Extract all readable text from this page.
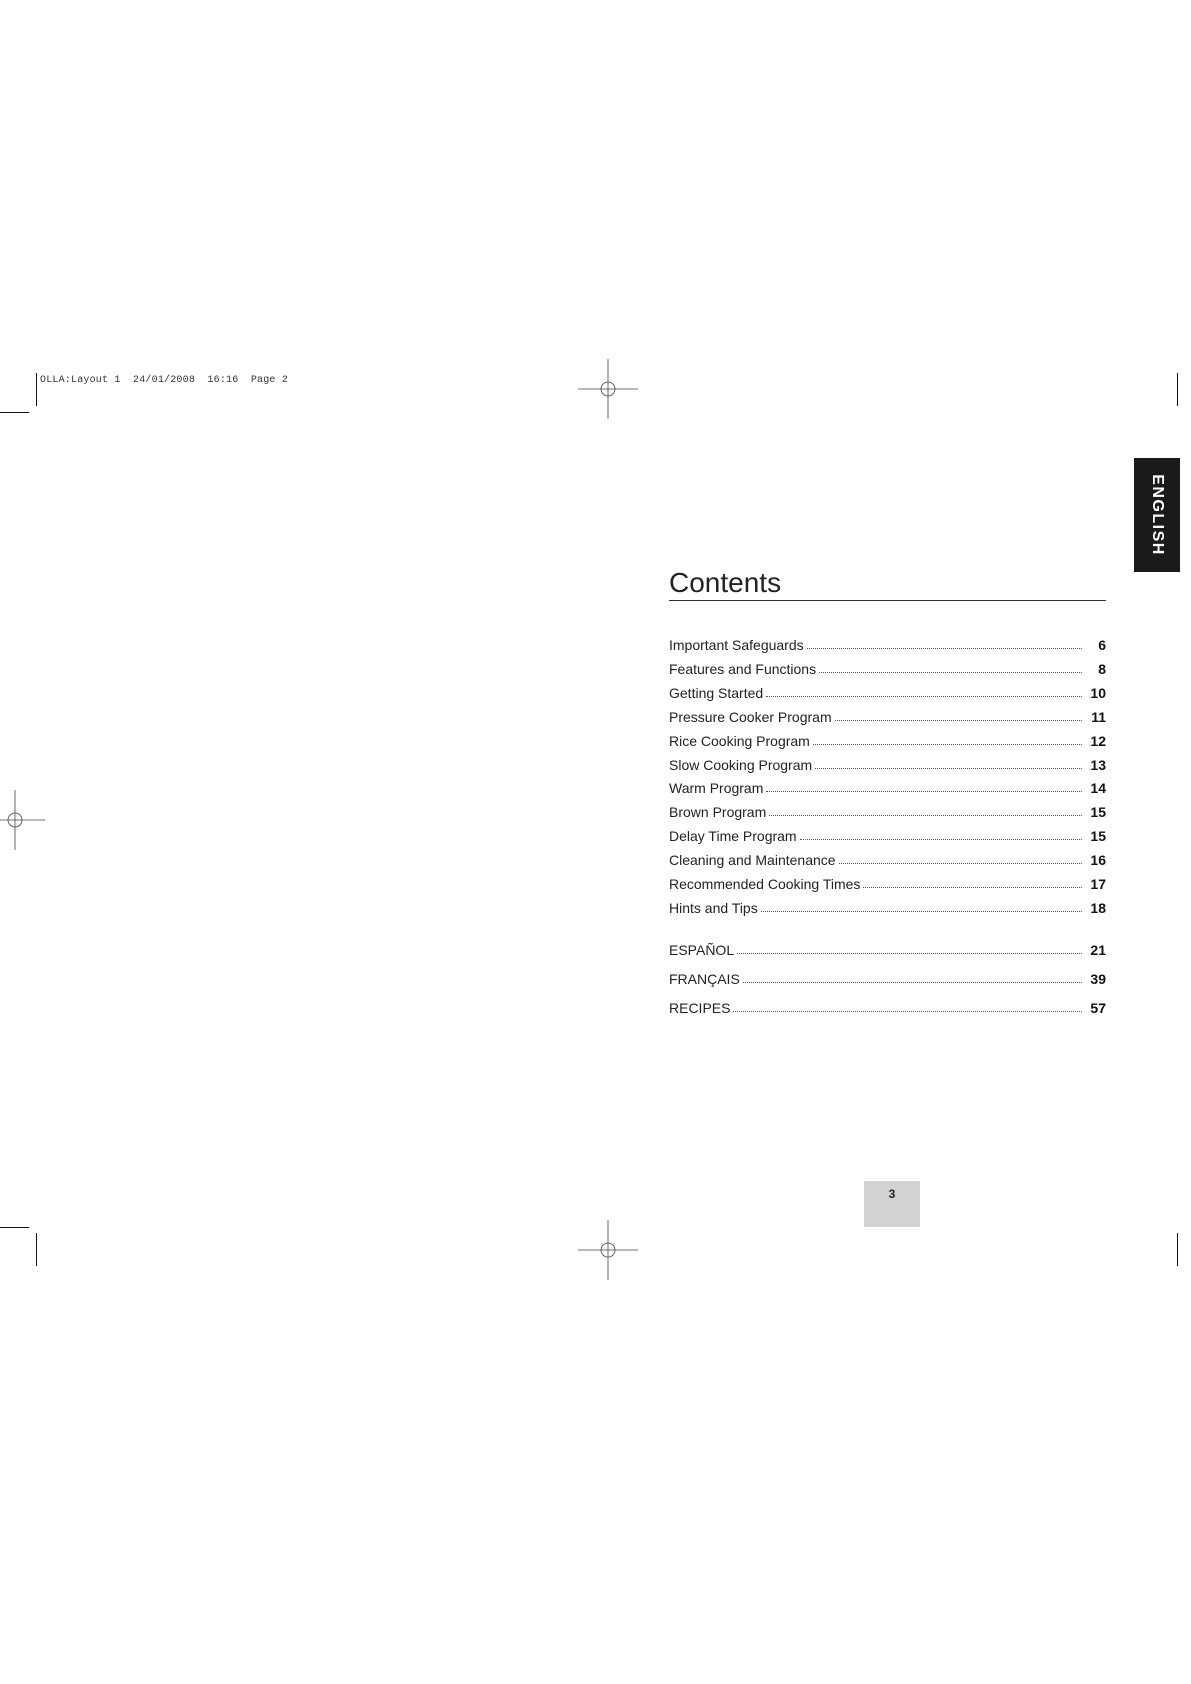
OLLA:Layout 1  24/01/2008  16:16  Page 2
ENGLISH
Contents
Important Safeguards	6
Features and Functions	8
Getting Started	10
Pressure Cooker Program	11
Rice Cooking Program	12
Slow Cooking Program	13
Warm Program	14
Brown Program	15
Delay Time Program	15
Cleaning and Maintenance	16
Recommended Cooking Times	17
Hints and Tips	18
ESPAÑOL	21
FRANÇAIS	39
RECIPES	57
3
